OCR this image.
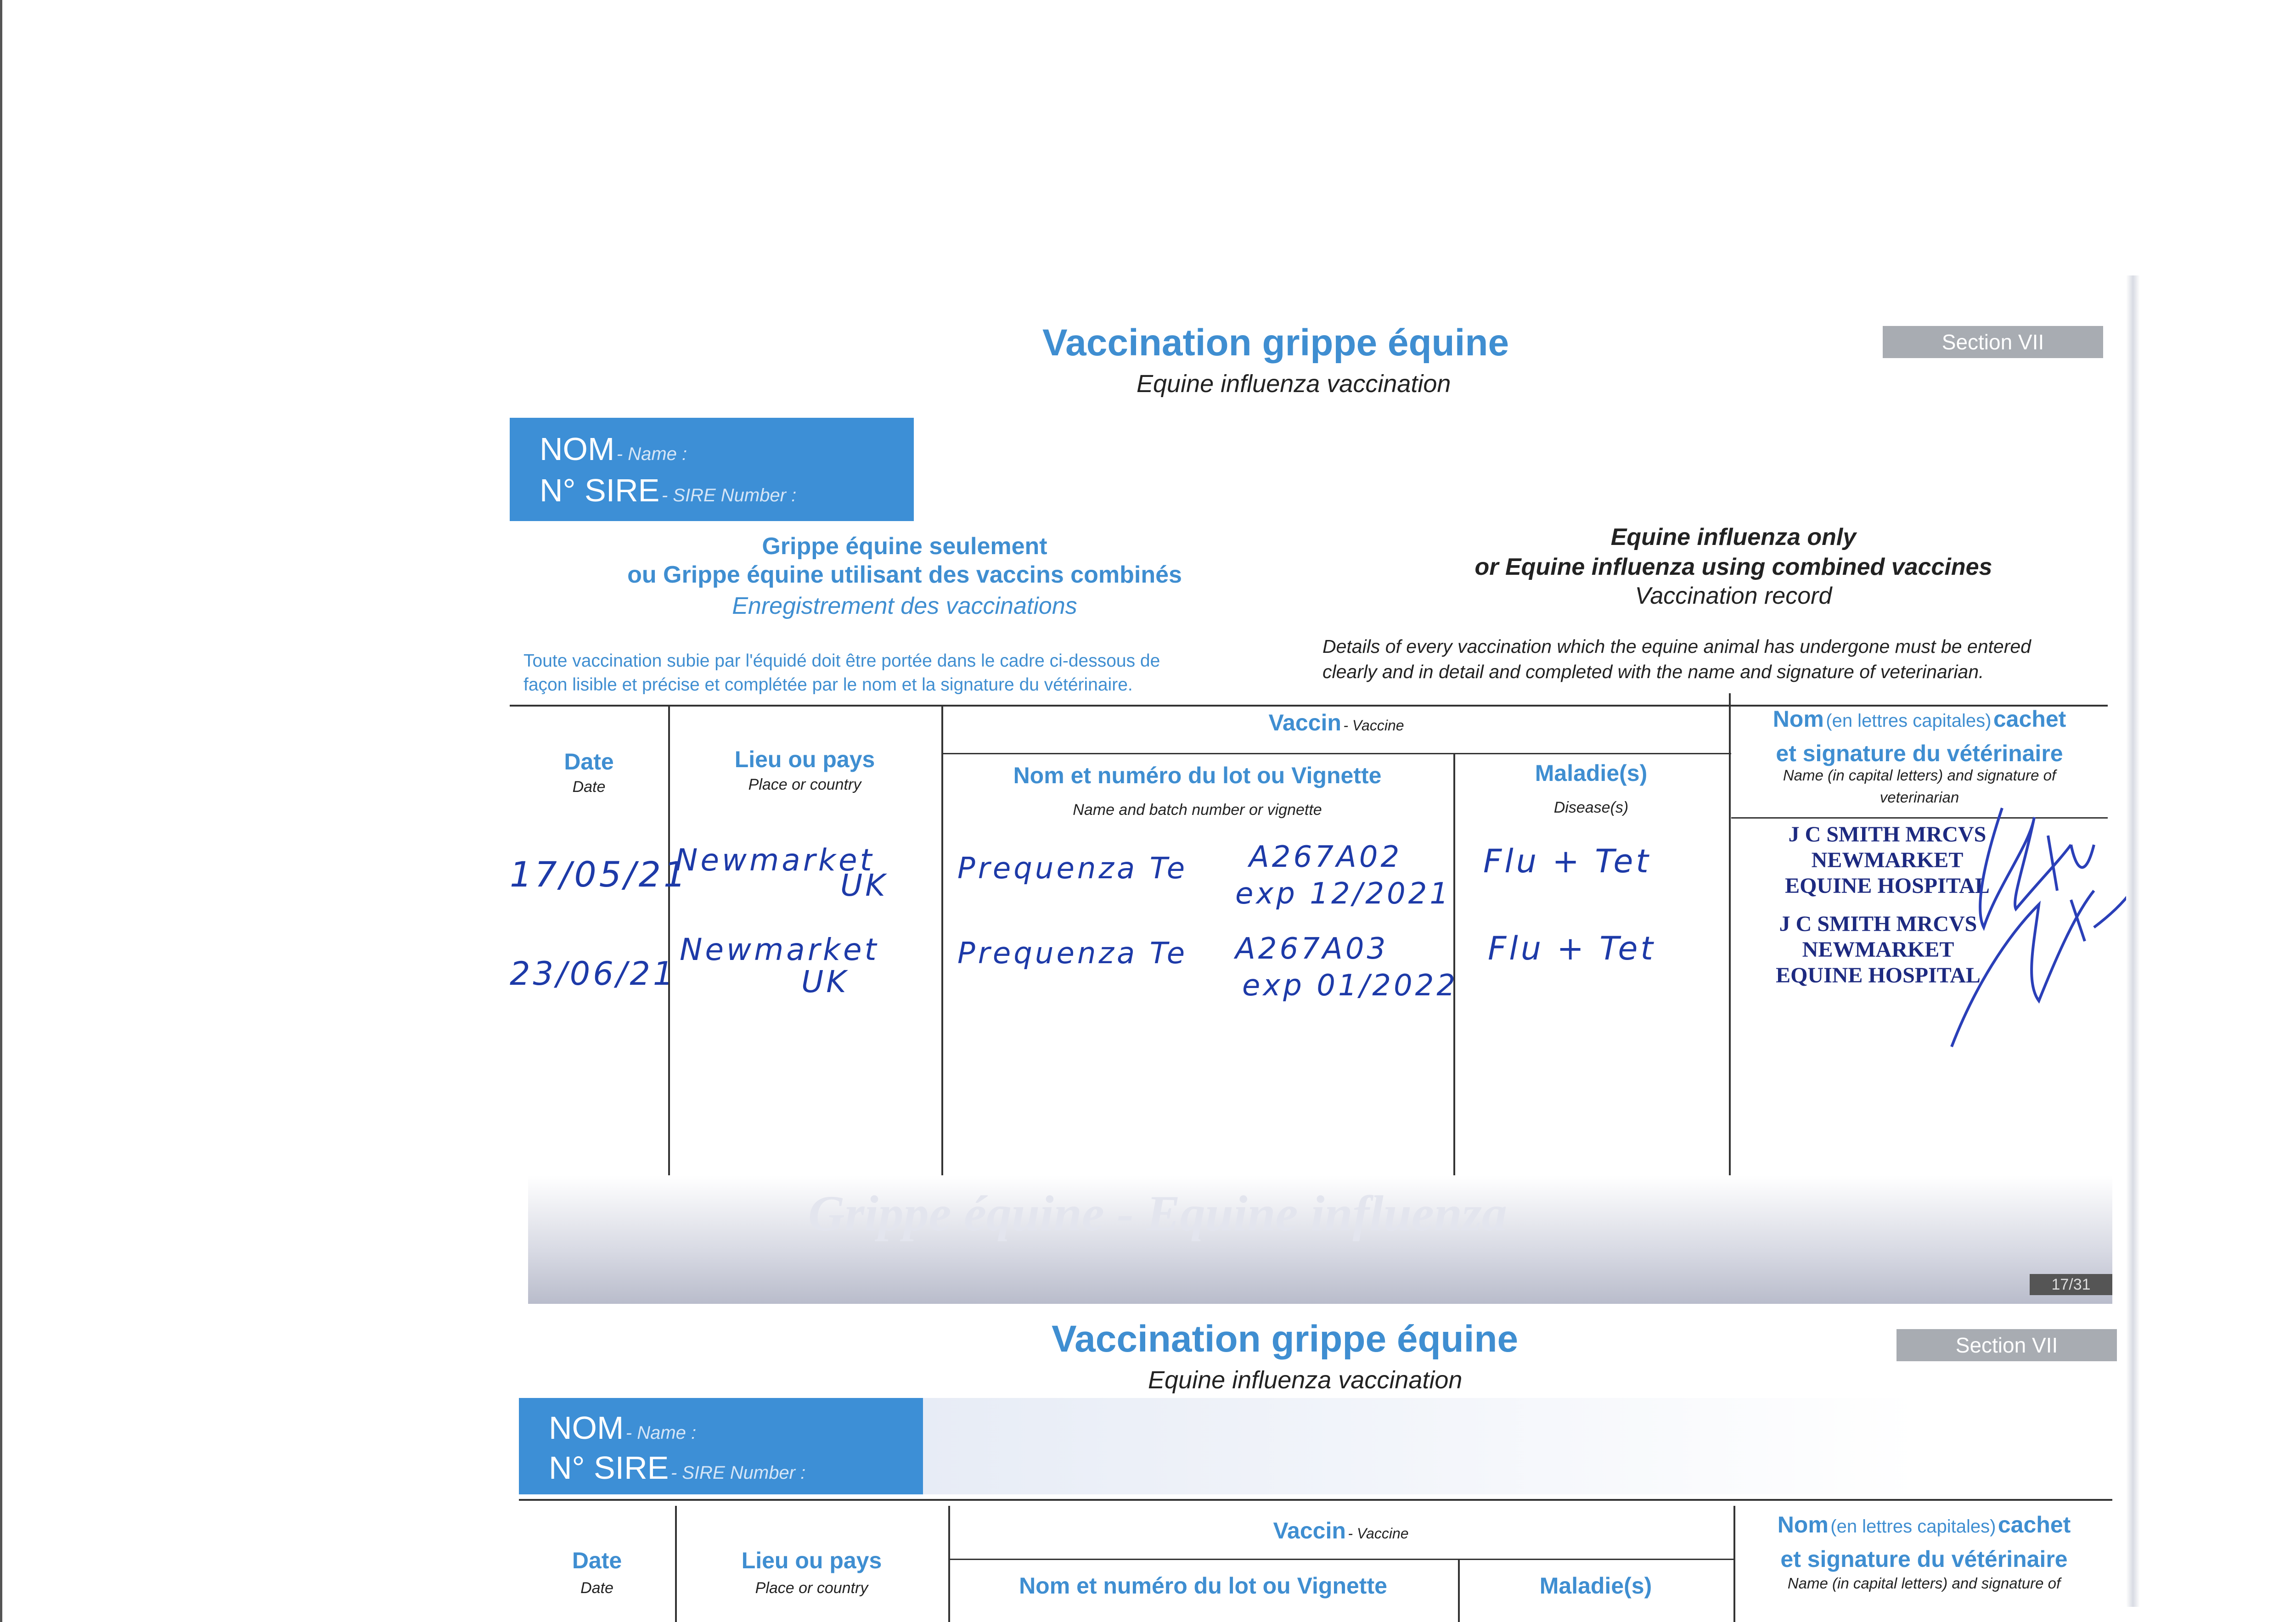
Vaccination grippe équine
Equine influenza vaccination
Section VII
NOM - Name :
N° SIRE - SIRE Number :
Grippe équine seulement
ou Grippe équine utilisant des vaccins combinés
Enregistrement des vaccinations
Equine influenza only
or Equine influenza using combined vaccines
Vaccination record
Toute vaccination subie par l'équidé doit être portée dans le cadre ci-dessous de
façon lisible et précise et complétée par le nom et la signature du vétérinaire.
Details of every vaccination which the equine animal has undergone must be entered
clearly and in detail and completed with the name and signature of veterinarian.
Date
Date
Lieu ou pays
Place or country
Vaccin - Vaccine
Nom et numéro du lot ou Vignette
Name and batch number or vignette
Maladie(s)
Disease(s)
Nom (en lettres capitales) cachet
et signature du vétérinaire
Name (in capital letters) and signature of veterinarian
17/05/21
Newmarket
UK Prequenza Te A267A02
exp 12/2021
Flu + Tet
J C SMITH MRCVS
NEWMARKET
EQUINE HOSPITAL
23/06/21
Newmarket
UK
Prequenza Te A267A03
exp 01/2022
Flu + Tet
J C SMITH MRCVS
NEWMARKET
EQUINE HOSPITAL
Grippe équine - Equine influenza
17/31
Vaccination grippe équine
Equine influenza vaccination
Section VII
NOM - Name :
N° SIRE - SIRE Number :
Date
Date
Lieu ou pays
Place or country
Vaccin - Vaccine
Nom et numéro du lot ou Vignette	Maladie(s)
Nom (en lettres capitales) cachet
et signature du vétérinaire
Name (in capital letters) and signature of
